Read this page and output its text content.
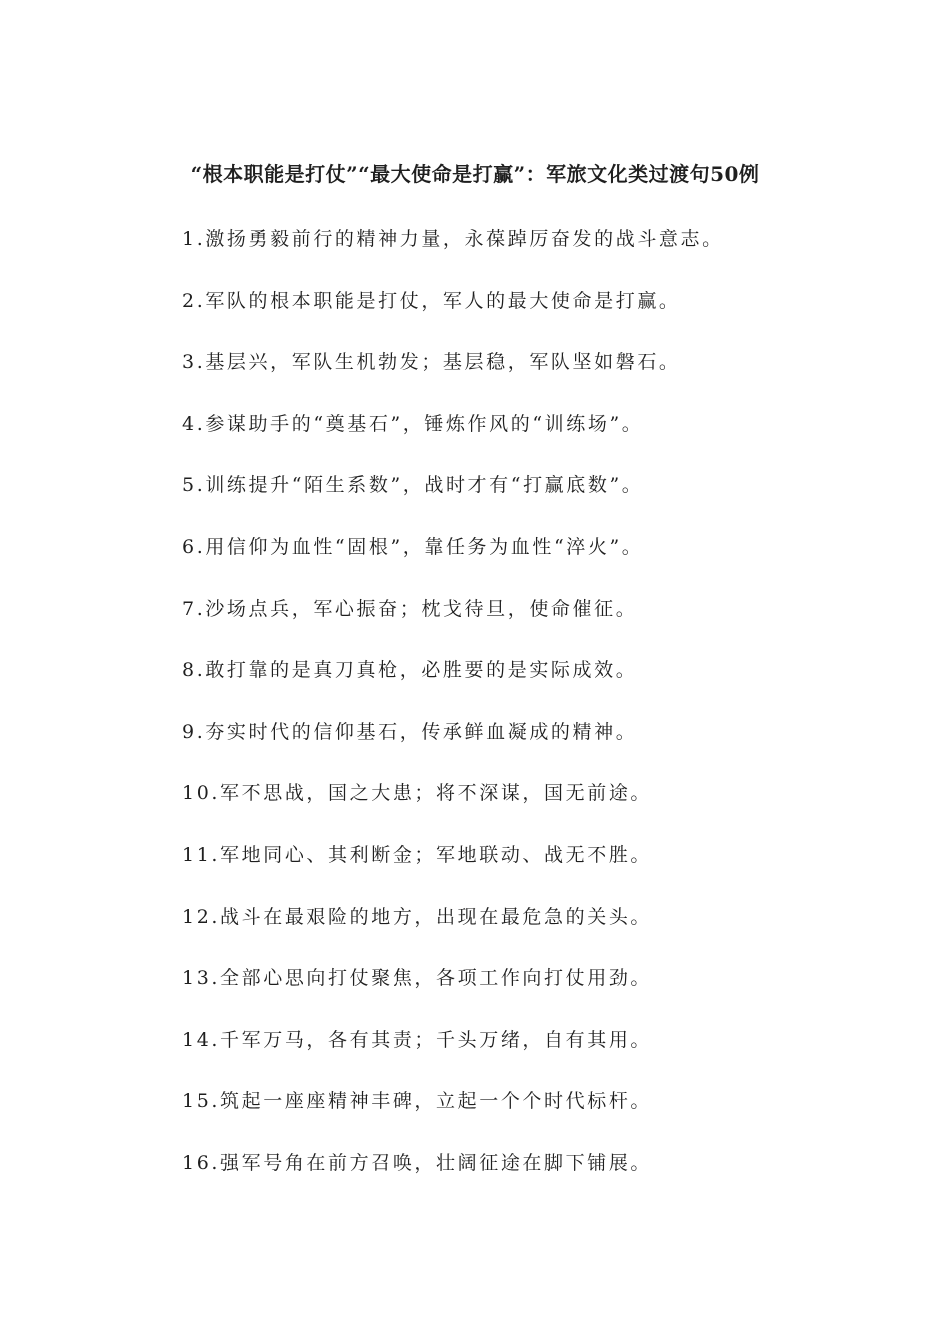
“根本职能是打仗”“最大使命是打赢”：军旅文化类过渡句50例
1.激扬勇毅前行的精神力量，永葆踔厉奋发的战斗意志。
2.军队的根本职能是打仗，军人的最大使命是打赢。
3.基层兴，军队生机勃发；基层稳，军队坚如磐石。
4.参谋助手的“奠基石”，锤炼作风的“训练场”。
5.训练提升“陌生系数”，战时才有“打赢底数”。
6.用信仰为血性“固根”，靠任务为血性“淬火”。
7.沙场点兵，军心振奋；枕戈待旦，使命催征。
8.敢打靠的是真刀真枪，必胜要的是实际成效。
9.夯实时代的信仰基石，传承鲜血凝成的精神。
10.军不思战，国之大患；将不深谋，国无前途。
11.军地同心、其利断金；军地联动、战无不胜。
12.战斗在最艰险的地方，出现在最危急的关头。
13.全部心思向打仗聚焦，各项工作向打仗用劲。
14.千军万马，各有其责；千头万绪，自有其用。
15.筑起一座座精神丰碑，立起一个个时代标杆。
16.强军号角在前方召唤，壮阔征途在脚下铺展。
